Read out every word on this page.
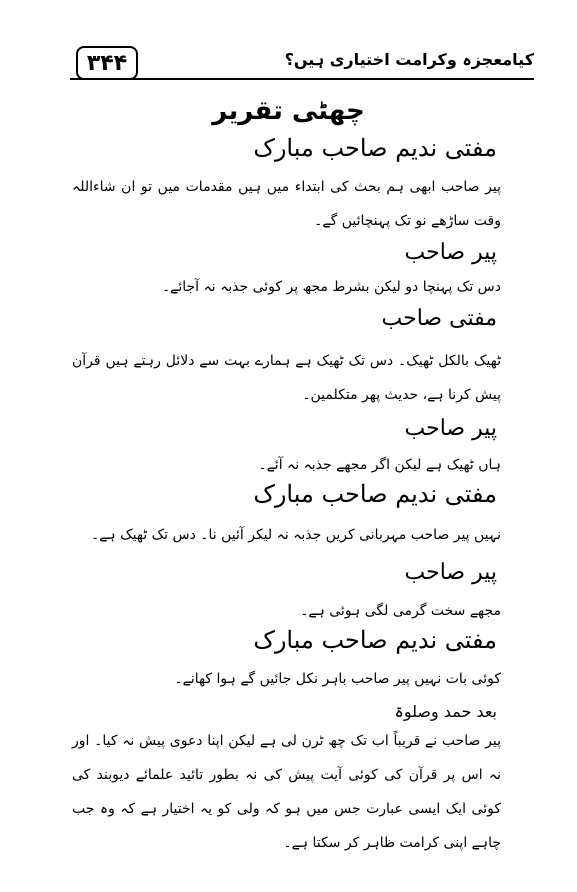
۳۴۴	کیامعجزہ وکرامت اختیاری ہیں؟
چھٹی تقریر
مفتی ندیم صاحب مبارک
پیر صاحب ابھی ہم بحث کی ابتداء میں ہیں مقدمات میں تو ان شاءاللہ وقت ساڑھے نو تک پہنچائیں گے۔
پیر صاحب
دس تک پہنچا دو لیکن بشرط مجھ پر کوئی جذبہ نہ آجائے۔
مفتی صاحب
ٹھیک بالکل ٹھیک۔ دس تک ٹھیک ہے ہمارے بہت سے دلائل رہتے ہیں قرآن پیش کرنا ہے، حدیث پھر متکلمین۔
پیر صاحب
ہاں ٹھیک ہے لیکن اگر مجھے جذبہ نہ آئے۔
مفتی ندیم صاحب مبارک
نہیں پیر صاحب مہربانی کریں جذبہ نہ لیکر آئیں نا۔ دس تک ٹھیک ہے۔
پیر صاحب
مجھے سخت گرمی لگی ہوئی ہے۔
مفتی ندیم صاحب مبارک
کوئی بات نہیں پیر صاحب باہر نکل جائیں گے ہوا کھانے۔
بعد حمد وصلوۃ
پیر صاحب نے قریباً اب تک چھ ٹرن لی ہے لیکن اپنا دعوی پیش نہ کیا۔ اور نہ اس پر قرآن کی کوئی آیت پیش کی نہ بطور تائید علمائے دیوبند کی کوئی ایک ایسی عبارت جس میں ہو کہ ولی کو یہ اختیار ہے کہ وہ جب چاہے اپنی کرامت ظاہر کر سکتا ہے۔
